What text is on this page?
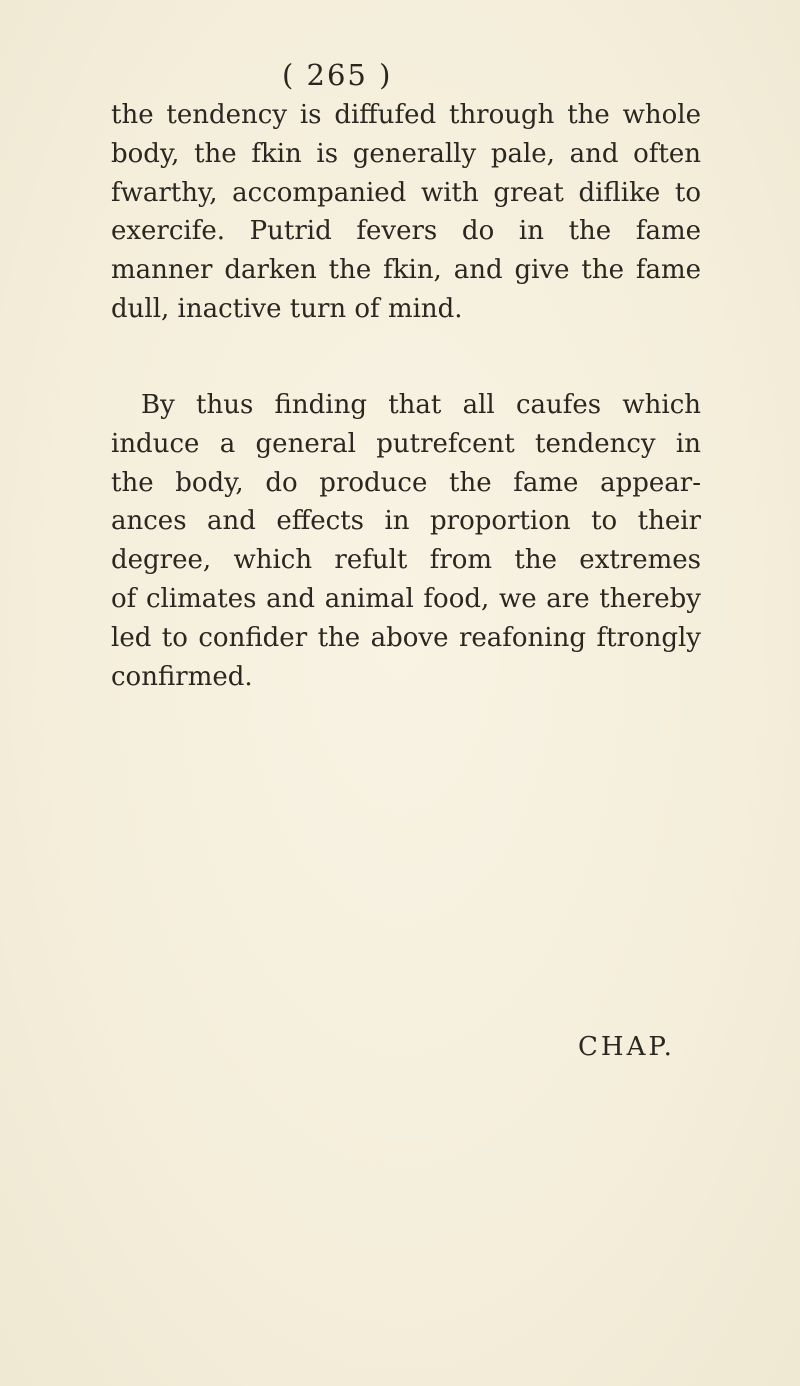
( 265 )
the tendency is diffufed through the whole
body, the fkin is generally pale, and often
fwarthy, accompanied with great diflike to
exercife. Putrid fevers do in the fame
manner darken the fkin, and give the fame
dull, inactive turn of mind.
By thus finding that all caufes which
induce a general putrefcent tendency in
the body, do produce the fame appear-
ances and effects in proportion to their
degree, which refult from the extremes
of climates and animal food, we are thereby
led to confider the above reafoning ftrongly
confirmed.
CHAP.
